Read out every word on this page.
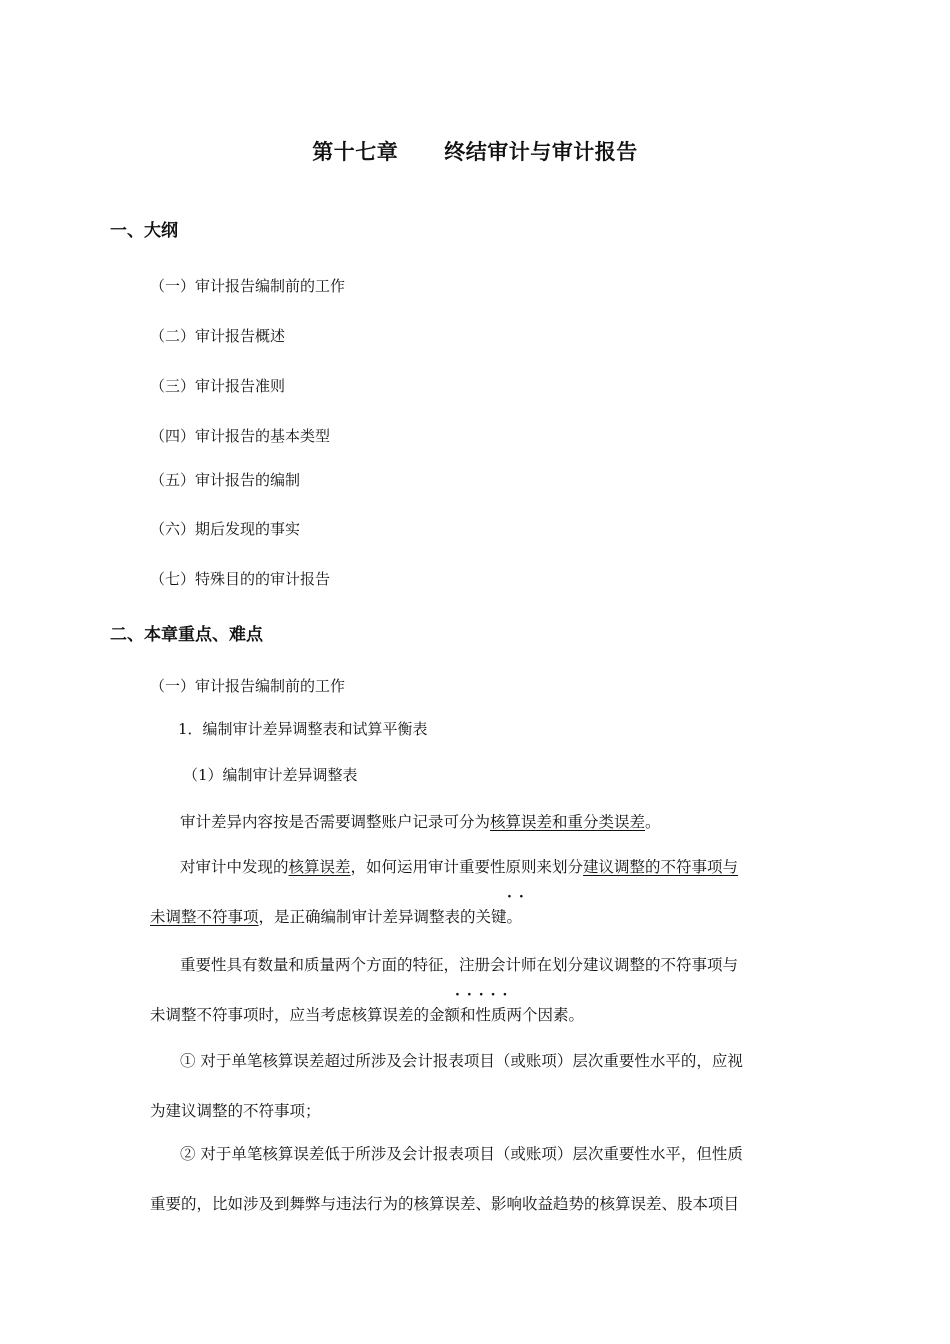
第十七章 终结审计与审计报告
一、大纲
（一）审计报告编制前的工作
（二）审计报告概述
（三）审计报告准则
（四）审计报告的基本类型
（五）审计报告的编制
（六）期后发现的事实
（七）特殊目的的审计报告
二、本章重点、难点
（一）审计报告编制前的工作
1．编制审计差异调整表和试算平衡表
（1）编制审计差异调整表
审计差异内容按是否需要调整账户记录可分为核算误差和重分类误差。
对审计中发现的核算误差，如何运用审计重要性原则来划分建议调整的不符事项与
··
未调整不符事项，是正确编制审计差异调整表的关键。
重要性具有数量和质量两个方面的特征，注册会计师在划分建议调整的不符事项与
·····
未调整不符事项时，应当考虑核算误差的金额和性质两个因素。
① 对于单笔核算误差超过所涉及会计报表项目（或账项）层次重要性水平的，应视
为建议调整的不符事项；
② 对于单笔核算误差低于所涉及会计报表项目（或账项）层次重要性水平，但性质
重要的，比如涉及到舞弊与违法行为的核算误差、影响收益趋势的核算误差、股本项目
